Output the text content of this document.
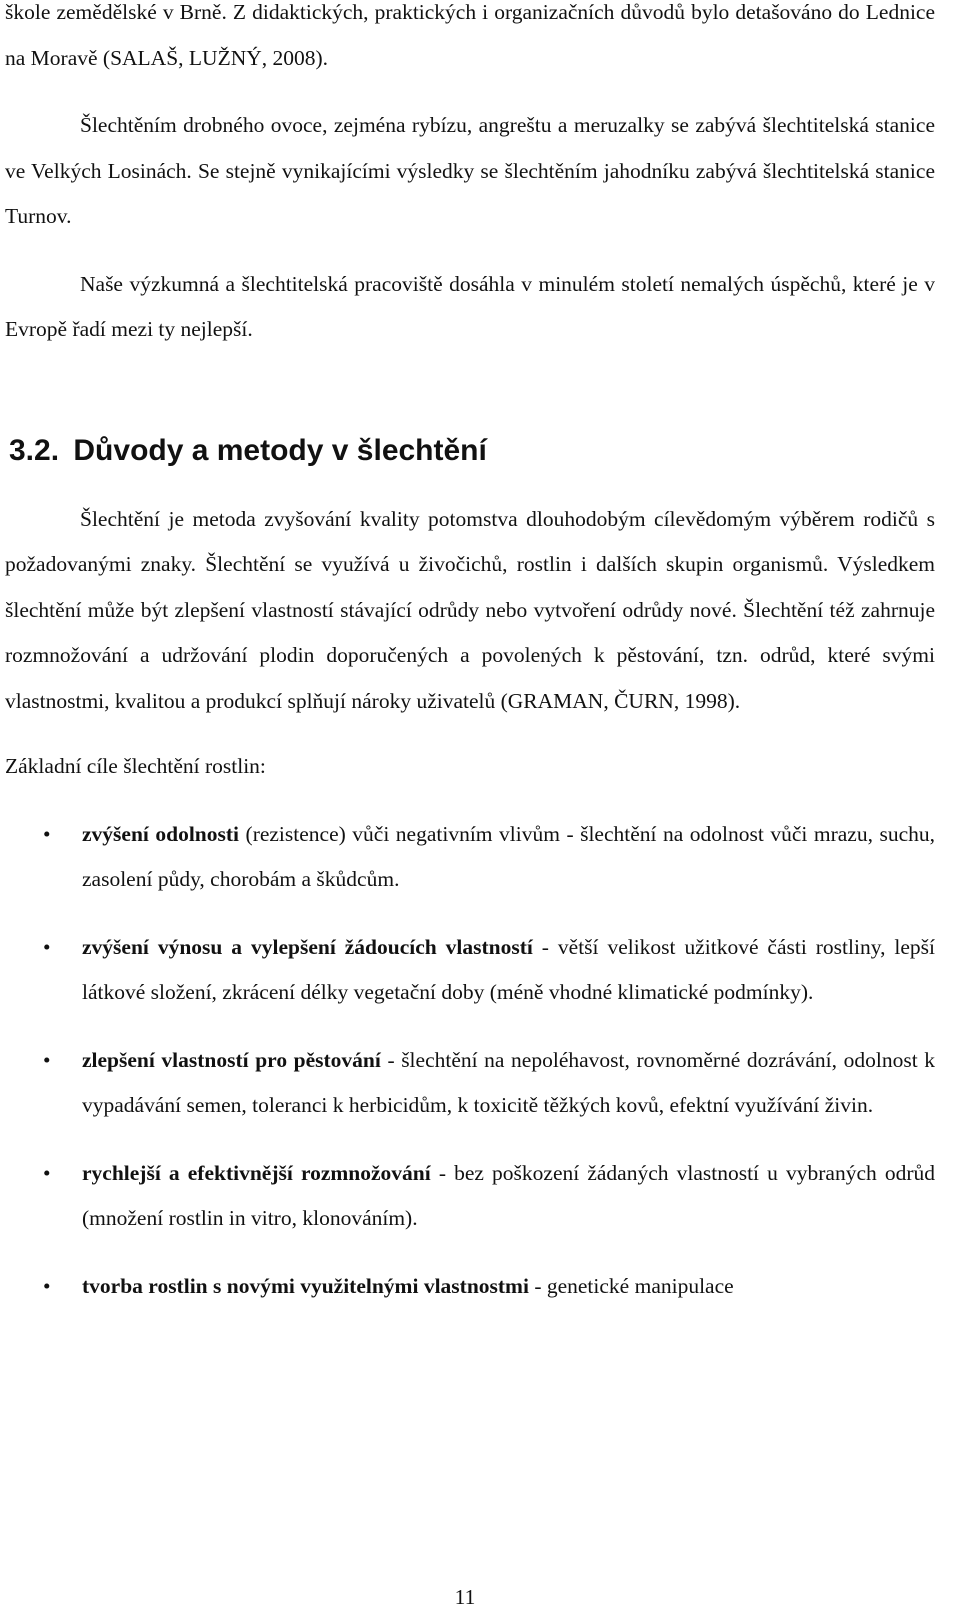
škole zemědělské v Brně. Z didaktických, praktických i organizačních důvodů bylo detašováno do Lednice na Moravě (SALAŠ, LUŽNÝ, 2008).

Šlechtěním drobného ovoce, zejména rybízu, angreštu a meruzalky se zabývá šlechtitelská stanice ve Velkých Losinách. Se stejně vynikajícími výsledky se šlechtěním jahodníku zabývá šlechtitelská stanice Turnov.

Naše výzkumná a šlechtitelská pracoviště dosáhla v minulém století nemalých úspěchů, které je v Evropě řadí mezi ty nejlepší.

3.2. Důvody a metody v šlechtění

Šlechtění je metoda zvyšování kvality potomstva dlouhodobým cílevědomým výběrem rodičů s požadovanými znaky. Šlechtění se využívá u živočichů, rostlin i dalších skupin organismů. Výsledkem šlechtění může být zlepšení vlastností stávající odrůdy nebo vytvoření odrůdy nové. Šlechtění též zahrnuje rozmnožování a udržování plodin doporučených a povolených k pěstování, tzn. odrůd, které svými vlastnostmi, kvalitou a produkcí splňují nároky uživatelů (GRAMAN, ČURN, 1998).

Základní cíle šlechtění rostlin:

• zvýšení odolnosti (rezistence) vůči negativním vlivům - šlechtění na odolnost vůči mrazu, suchu, zasolení půdy, chorobám a škůdcům.

• zvýšení výnosu a vylepšení žádoucích vlastností - větší velikost užitkové části rostliny, lepší látkové složení, zkrácení délky vegetační doby (méně vhodné klimatické podmínky).

• zlepšení vlastností pro pěstování - šlechtění na nepoléhavost, rovnoměrné dozrávání, odolnost k vypadávání semen, toleranci k herbicidům, k toxicitě těžkých kovů, efektní využívání živin.

• rychlejší a efektivnější rozmnožování - bez poškození žádaných vlastností u vybraných odrůd (množení rostlin in vitro, klonováním).

• tvorba rostlin s novými využitelnými vlastnostmi - genetické manipulace

11
